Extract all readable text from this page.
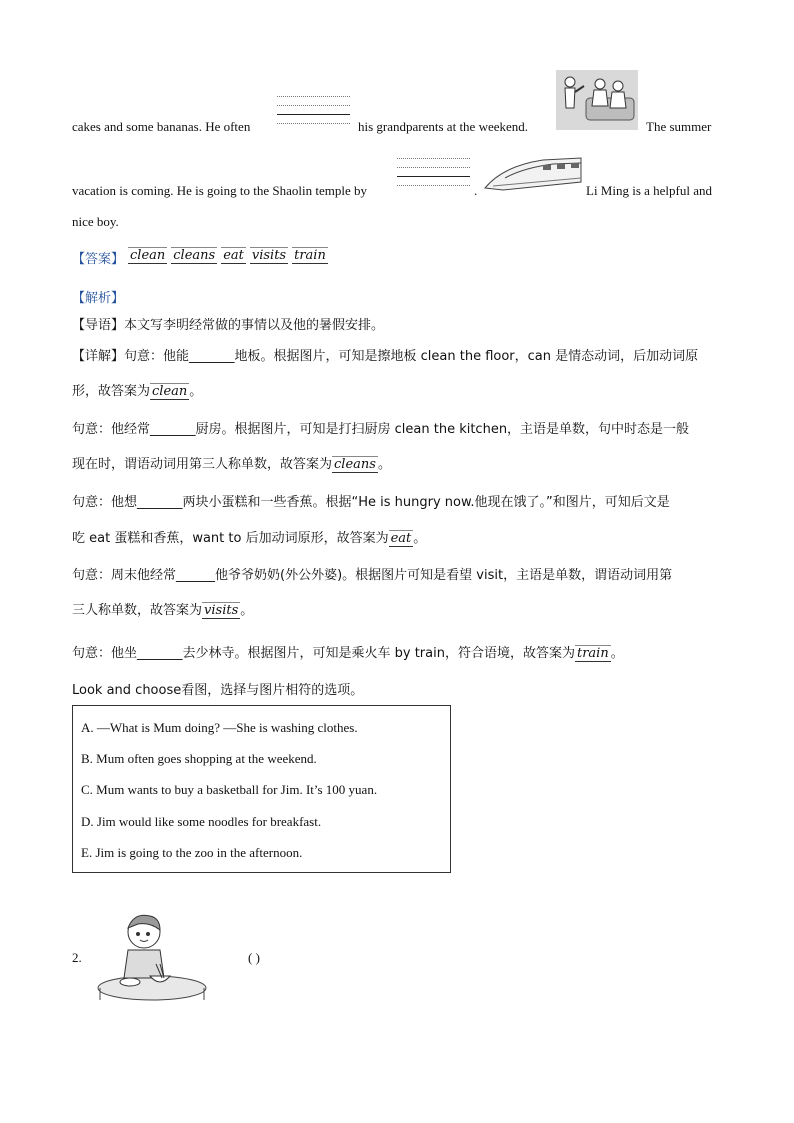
cakes and some bananas. He often	his grandparents at the weekend.	The summer
vacation is coming. He is going to the Shaolin temple by	.	Li Ming is a helpful and
nice boy.
【答案】 clean cleans eat visits train
【解析】
【导语】本文写李明经常做的事情以及他的暑假安排。
【详解】句意：他能_______地板。根据图片，可知是擦地板 clean the floor，can 是情态动词，后加动词原
形，故答案为 clean 。
句意：他经常_______厨房。根据图片，可知是打扫厨房 clean the kitchen，主语是单数，句中时态是一般
现在时，谓语动词用第三人称单数，故答案为 cleans 。
句意：他想_______两块小蛋糕和一些香蕉。根据“He is hungry now.他现在饿了。”和图片，可知后文是
吃 eat 蛋糕和香蕉，want to 后加动词原形，故答案为 eat 。
句意：周末他经常______他爷爷奶奶(外公外婆)。根据图片可知是看望 visit，主语是单数，谓语动词用第
三人称单数，故答案为 visits 。
句意：他坐_______去少林寺。根据图片，可知是乘火车 by train，符合语境，故答案为 train 。
Look and choose看图，选择与图片相符的选项。
A. —What is Mum doing? —She is washing clothes.
B. Mum often goes shopping at the weekend.
C. Mum wants to buy a basketball for Jim. It’s 100 yuan.
D. Jim would like some noodles for breakfast.
E. Jim is going to the zoo in the afternoon.
2.	( )
